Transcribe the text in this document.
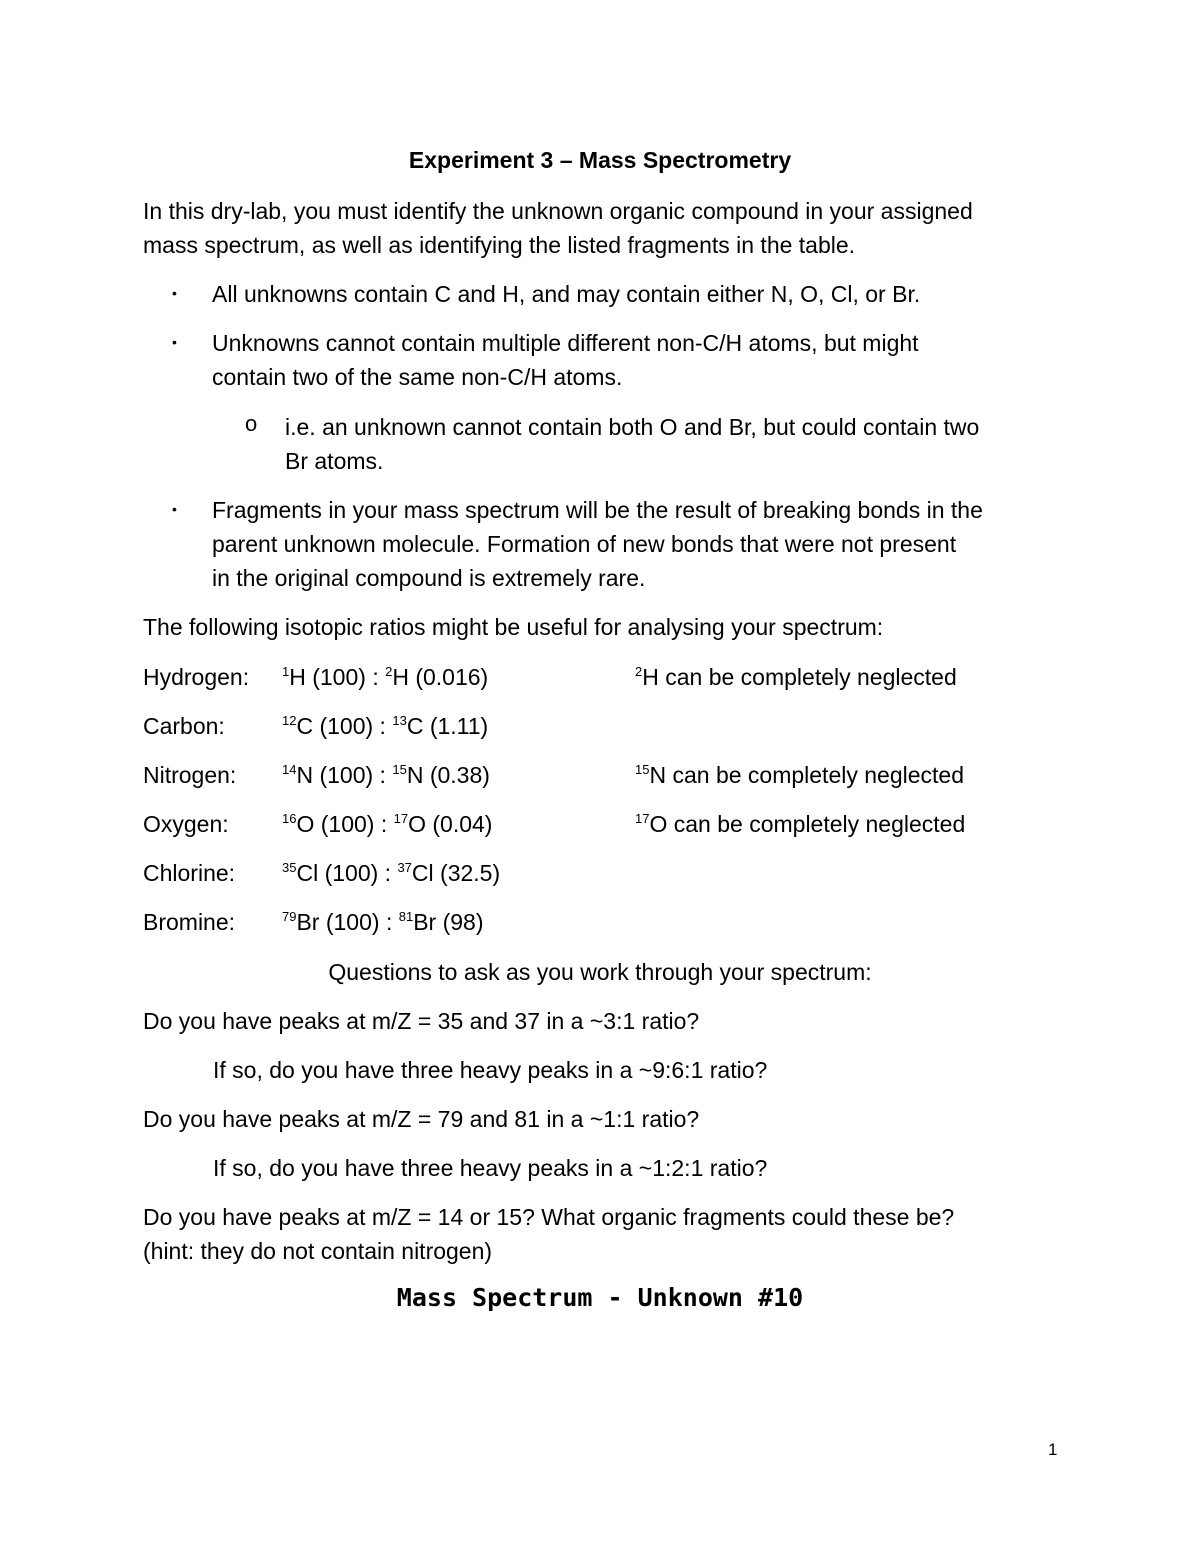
Experiment 3 – Mass Spectrometry
In this dry-lab, you must identify the unknown organic compound in your assigned
mass spectrum, as well as identifying the listed fragments in the table.
• All unknowns contain C and H, and may contain either N, O, Cl, or Br.
• Unknowns cannot contain multiple different non-C/H atoms, but might
contain two of the same non-C/H atoms.
o i.e. an unknown cannot contain both O and Br, but could contain two
Br atoms.
• Fragments in your mass spectrum will be the result of breaking bonds in the
parent unknown molecule. Formation of new bonds that were not present
in the original compound is extremely rare.
The following isotopic ratios might be useful for analysing your spectrum:
Hydrogen:	$^1$H (100) : $^2$H (0.016)	$^2$H can be completely neglected
Carbon:	$^{12}$C (100) : $^{13}$C (1.11)
Nitrogen:	$^{14}$N (100) : $^{15}$N (0.38)	$^{15}$N can be completely neglected
Oxygen:	$^{16}$O (100) : $^{17}$O (0.04)	$^{17}$O can be completely neglected
Chlorine:	$^{35}$Cl (100) : $^{37}$Cl (32.5)
Bromine:	$^{79}$Br (100) : $^{81}$Br (98)
Questions to ask as you work through your spectrum:
Do you have peaks at m/Z = 35 and 37 in a ~3:1 ratio?
If so, do you have three heavy peaks in a ~9:6:1 ratio?
Do you have peaks at m/Z = 79 and 81 in a ~1:1 ratio?
If so, do you have three heavy peaks in a ~1:2:1 ratio?
Do you have peaks at m/Z = 14 or 15? What organic fragments could these be?
(hint: they do not contain nitrogen)
Mass Spectrum - Unknown #10
1
